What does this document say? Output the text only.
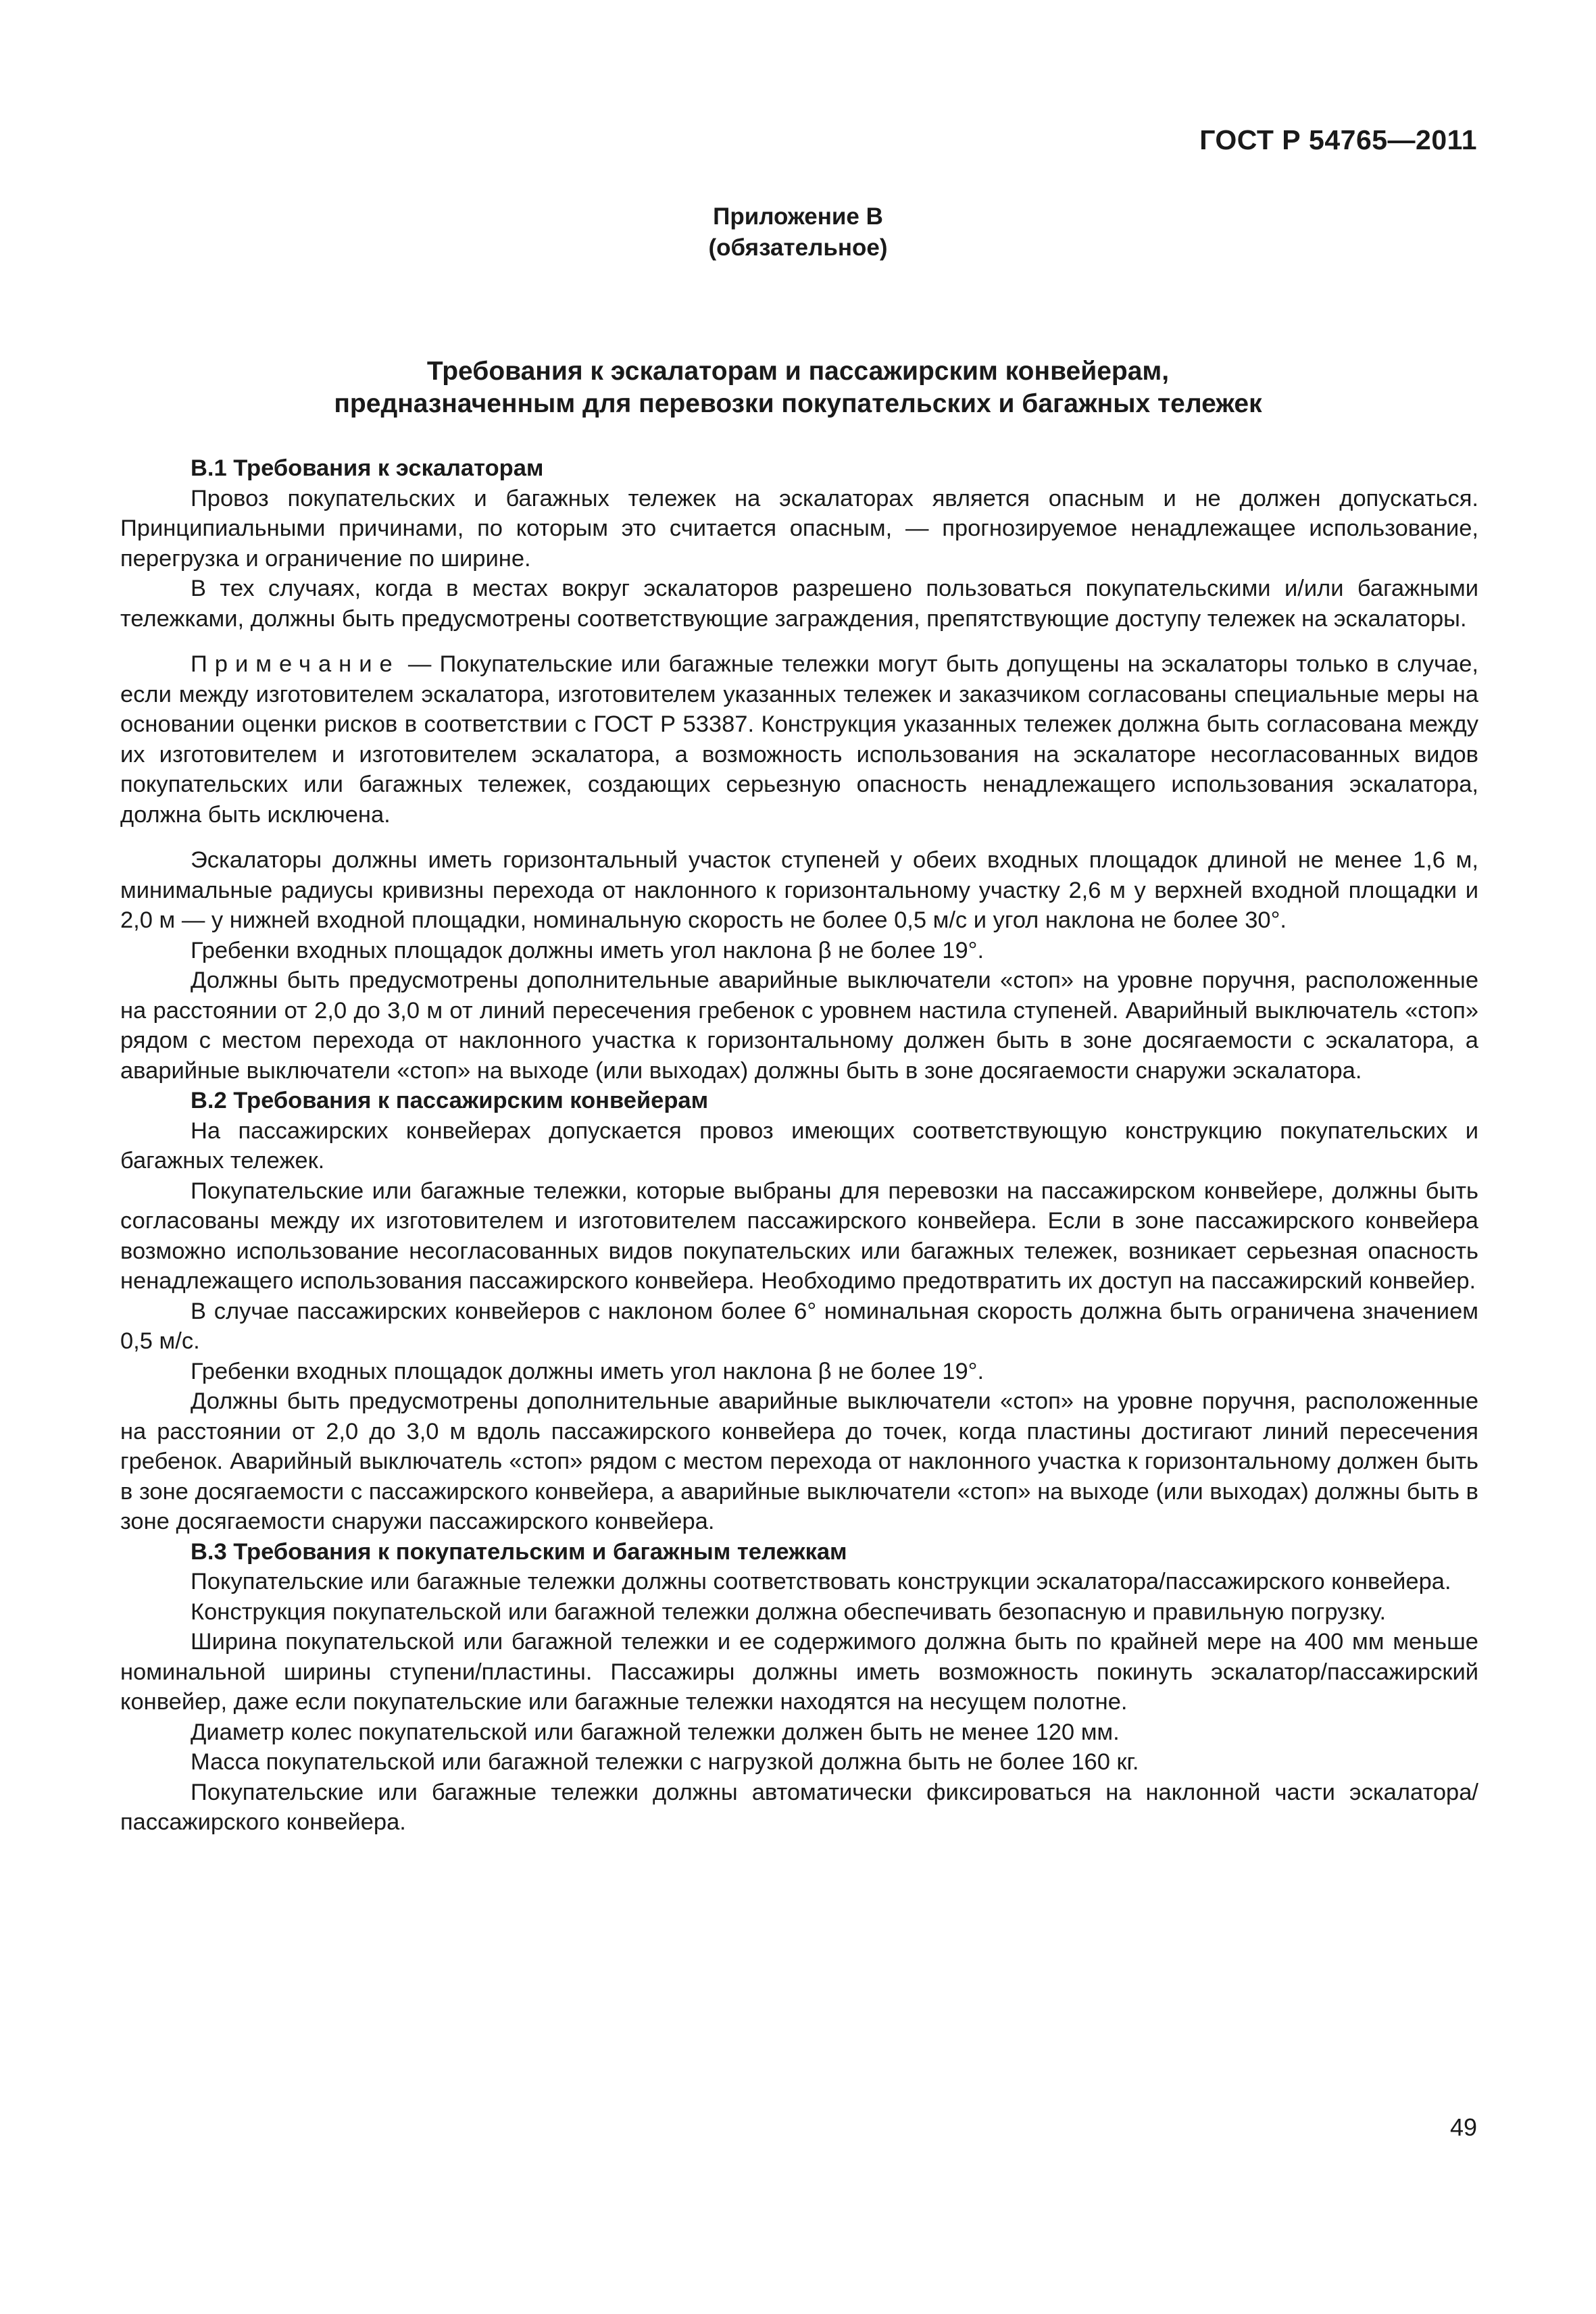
ГОСТ Р 54765—2011
Приложение В
(обязательное)
Требования к эскалаторам и пассажирским конвейерам,
предназначенным для перевозки покупательских и багажных тележек

В.1 Требования к эскалаторам

Провоз покупательских и багажных тележек на эскалаторах является опасным и не должен допускаться. Принципиальными причинами, по которым это считается опасным, — прогнозируемое ненадлежащее использование, перегрузка и ограничение по ширине.

В тех случаях, когда в местах вокруг эскалаторов разрешено пользоваться покупательскими и/или багажными тележками, должны быть предусмотрены соответствующие заграждения, препятствующие доступу тележек на эскалаторы.

Примечание — Покупательские или багажные тележки могут быть допущены на эскалаторы только в случае, если между изготовителем эскалатора, изготовителем указанных тележек и заказчиком согласованы специальные меры на основании оценки рисков в соответствии с ГОСТ Р 53387. Конструкция указанных тележек должна быть согласована между их изготовителем и изготовителем эскалатора, а возможность использования на эскалаторе несогласованных видов покупательских или багажных тележек, создающих серьезную опасность ненадлежащего использования эскалатора, должна быть исключена.

Эскалаторы должны иметь горизонтальный участок ступеней у обеих входных площадок длиной не менее 1,6 м, минимальные радиусы кривизны перехода от наклонного к горизонтальному участку 2,6 м у верхней входной площадки и 2,0 м — у нижней входной площадки, номинальную скорость не более 0,5 м/с и угол наклона не более 30°.

Гребенки входных площадок должны иметь угол наклона β не более 19°.

Должны быть предусмотрены дополнительные аварийные выключатели «стоп» на уровне поручня, расположенные на расстоянии от 2,0 до 3,0 м от линий пересечения гребенок с уровнем настила ступеней. Аварийный выключатель «стоп» рядом с местом перехода от наклонного участка к горизонтальному должен быть в зоне досягаемости с эскалатора, а аварийные выключатели «стоп» на выходе (или выходах) должны быть в зоне досягаемости снаружи эскалатора.

В.2 Требования к пассажирским конвейерам

На пассажирских конвейерах допускается провоз имеющих соответствующую конструкцию покупательских и багажных тележек.

Покупательские или багажные тележки, которые выбраны для перевозки на пассажирском конвейере, должны быть согласованы между их изготовителем и изготовителем пассажирского конвейера. Если в зоне пассажирского конвейера возможно использование несогласованных видов покупательских или багажных тележек, возникает серьезная опасность ненадлежащего использования пассажирского конвейера. Необходимо предотвратить их доступ на пассажирский конвейер.

В случае пассажирских конвейеров с наклоном более 6° номинальная скорость должна быть ограничена значением 0,5 м/с.

Гребенки входных площадок должны иметь угол наклона β не более 19°.

Должны быть предусмотрены дополнительные аварийные выключатели «стоп» на уровне поручня, расположенные на расстоянии от 2,0 до 3,0 м вдоль пассажирского конвейера до точек, когда пластины достигают линий пересечения гребенок. Аварийный выключатель «стоп» рядом с местом перехода от наклонного участка к горизонтальному должен быть в зоне досягаемости с пассажирского конвейера, а аварийные выключатели «стоп» на выходе (или выходах) должны быть в зоне досягаемости снаружи пассажирского конвейера.

В.3 Требования к покупательским и багажным тележкам

Покупательские или багажные тележки должны соответствовать конструкции эскалатора/пассажирского конвейера.

Конструкция покупательской или багажной тележки должна обеспечивать безопасную и правильную погрузку.

Ширина покупательской или багажной тележки и ее содержимого должна быть по крайней мере на 400 мм меньше номинальной ширины ступени/пластины. Пассажиры должны иметь возможность покинуть эскалатор/пассажирский конвейер, даже если покупательские или багажные тележки находятся на несущем полотне.

Диаметр колес покупательской или багажной тележки должен быть не менее 120 мм.

Масса покупательской или багажной тележки с нагрузкой должна быть не более 160 кг.

Покупательские или багажные тележки должны автоматически фиксироваться на наклонной части эскалатора/пассажирского конвейера.

49
